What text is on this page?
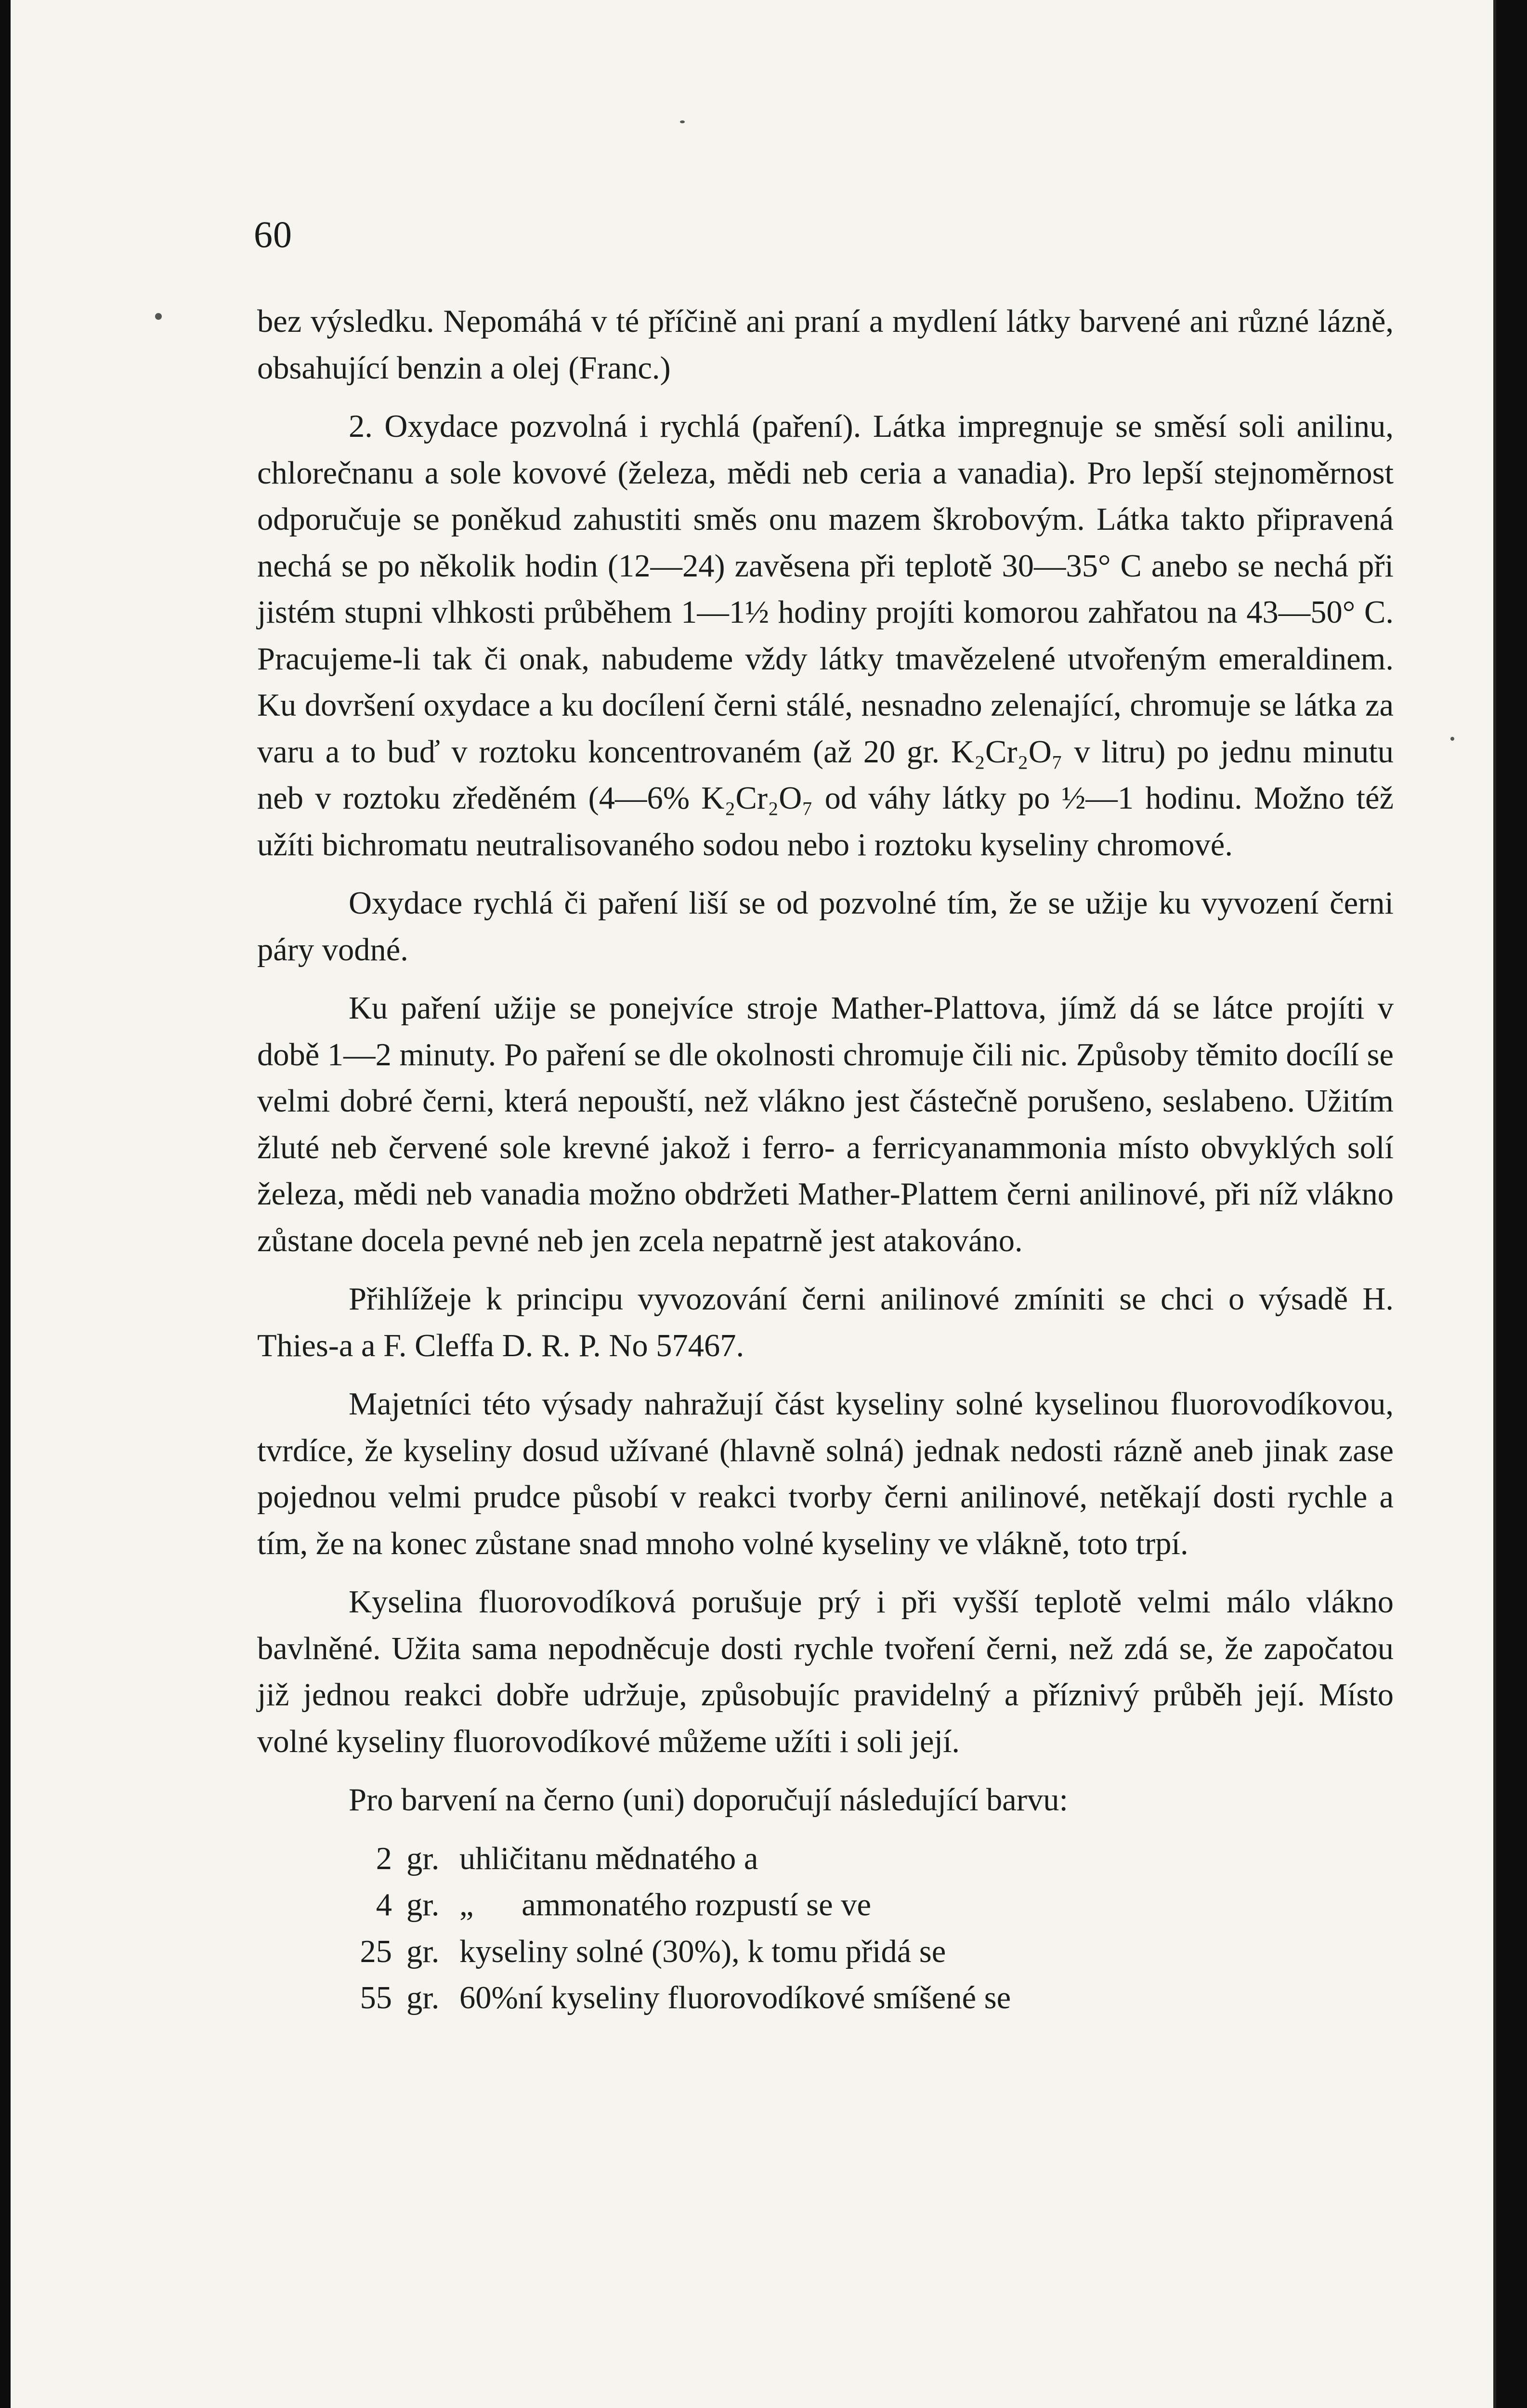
60

bez výsledku. Nepomáhá v té příčině ani praní a mydlení látky barvené ani různé lázně, obsahující benzin a olej (Franc.)

2. Oxydace pozvolná i rychlá (paření). Látka impregnuje se směsí soli anilinu, chlorečnanu a sole kovové (železa, mědi neb ceria a vanadia). Pro lepší stejnoměrnost odporučuje se poněkud zahustiti směs onu mazem škrobovým. Látka takto připravená nechá se po několik hodin (12—24) zavěsena při teplotě 30—35° C anebo se nechá při jistém stupni vlhkosti průběhem 1—1½ hodiny projíti komorou zahřatou na 43—50° C. Pracujeme-li tak či onak, nabudeme vždy látky tmavězelené utvořeným emeraldinem. Ku dovršení oxydace a ku docílení černi stálé, nesnadno zelenající, chromuje se látka za varu a to buď v roztoku koncentrovaném (až 20 gr. K₂Cr₂O₇ v litru) po jednu minutu neb v roztoku zředěném (4—6% K₂Cr₂O₇ od váhy látky po ½—1 hodinu. Možno též užíti bichromatu neutralisovaného sodou nebo i roztoku kyseliny chromové.

Oxydace rychlá či paření liší se od pozvolné tím, že se užije ku vyvození černi páry vodné.

Ku paření užije se ponejvíce stroje Mather-Plattova, jímž dá se látce projíti v době 1—2 minuty. Po paření se dle okolnosti chromuje čili nic. Způsoby těmito docílí se velmi dobré černi, která nepouští, než vlákno jest částečně porušeno, seslabeno. Užitím žluté neb červené sole krevné jakož i ferro- a ferricyanammonia místo obvyklých solí železa, mědi neb vanadia možno obdržeti Mather-Plattem černi anilinové, při níž vlákno zůstane docela pevné neb jen zcela nepatrně jest atakováno.

Přihlížeje k principu vyvozování černi anilinové zmíniti se chci o výsadě H. Thies-a a F. Cleffa D. R. P. No 57467.

Majetníci této výsady nahražují část kyseliny solné kyselinou fluorovodíkovou, tvrdíce, že kyseliny dosud užívané (hlavně solná) jednak nedosti rázně aneb jinak zase pojednou velmi prudce působí v reakci tvorby černi anilinové, netěkají dosti rychle a tím, že na konec zůstane snad mnoho volné kyseliny ve vlákně, toto trpí.

Kyselina fluorovodíková porušuje prý i při vyšší teplotě velmi málo vlákno bavlněné. Užita sama nepodněcuje dosti rychle tvoření černi, než zdá se, že započatou již jednou reakci dobře udržuje, způsobujíc pravidelný a příznivý průběh její. Místo volné kyseliny fluorovodíkové můžeme užíti i soli její.

Pro barvení na černo (uni) doporučují následující barvu:

2 gr. uhličitanu mědnatého a
4 gr. „      ammonatého rozpustí se ve
25 gr. kyseliny solné (30%), k tomu přidá se
55 gr. 60%ní kyseliny fluorovodíkové smíšené se
